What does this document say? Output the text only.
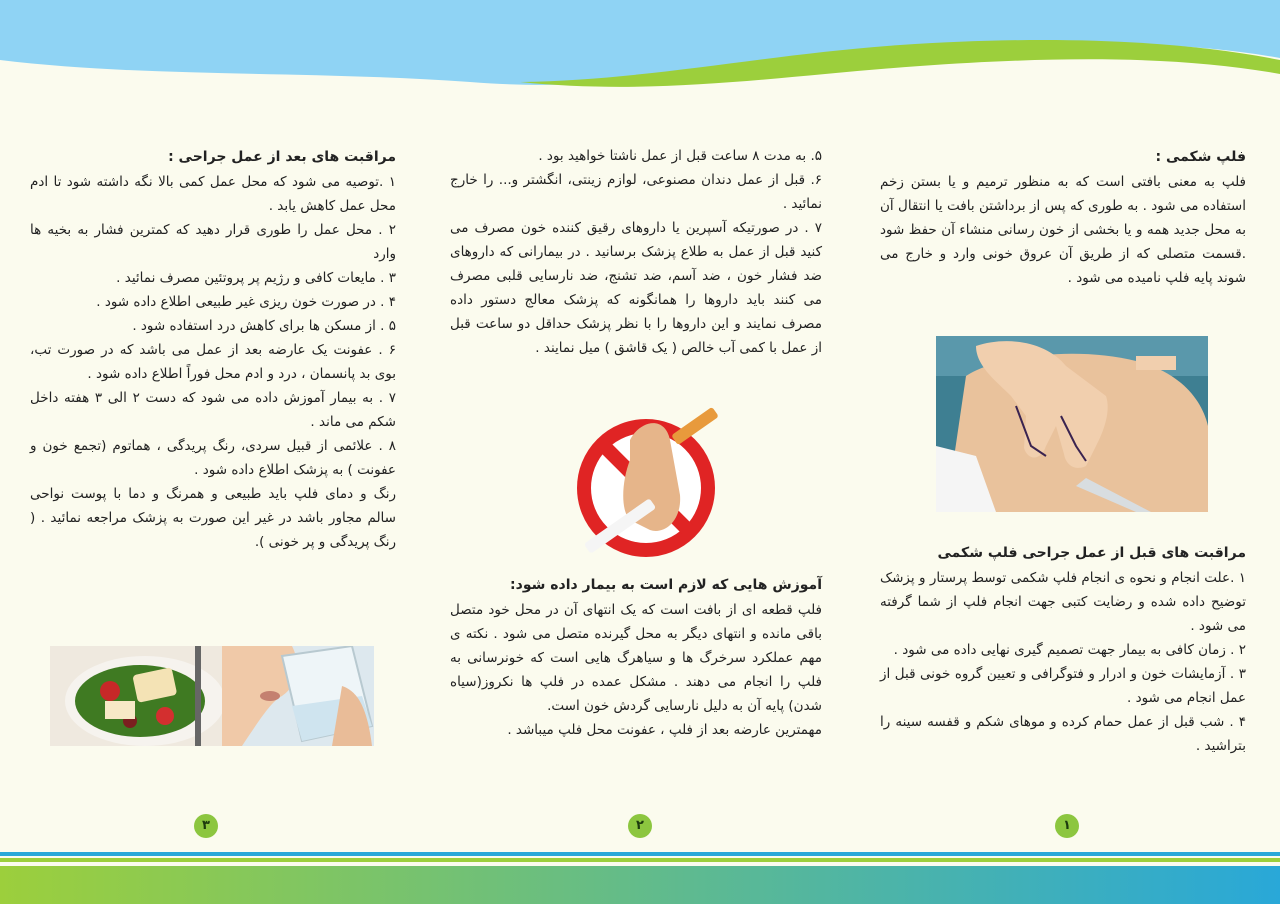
فلپ شکمی :

فلپ به معنی بافتی است که به منظور ترمیم و یا بستن زخم استفاده می شود . به طوری که پس از برداشتن بافت یا انتقال آن به محل جدید همه و یا بخشی از خون رسانی منشاء آن حفظ شود .قسمت متصلی که از طریق آن عروق خونی وارد و خارج می شوند پایه فلپ نامیده می شود .

مراقبت های قبل از عمل جراحی فلپ شکمی

۱ .علت انجام و نحوه ی انجام فلپ شکمی توسط پرستار و پزشک توضیح داده شده و رضایت کتبی جهت انجام فلپ از شما گرفته می شود .

۲ . زمان کافی به بیمار جهت تصمیم گیری نهایی داده می شود .

۳ . آزمایشات خون و ادرار و فتوگرافی و تعیین گروه خونی قبل از عمل انجام می شود .

۴ . شب قبل از عمل حمام کرده و موهای شکم و قفسه سینه را بتراشید .

۵. به مدت ۸ ساعت قبل از عمل ناشتا خواهید بود .

۶. قبل از عمل دندان مصنوعی، لوازم زینتی، انگشتر و... را خارج نمائید .

۷ . در صورتیکه آسپرین یا داروهای رقیق کننده خون مصرف می کنید قبل از عمل به طلاع پزشک برسانید . در بیمارانی که داروهای ضد فشار خون ، ضد آسم، ضد تشنج، ضد نارسایی قلبی مصرف می کنند باید داروها را همانگونه که پزشک معالج دستور داده مصرف نمایند و این داروها را با نظر پزشک حداقل دو ساعت قبل از عمل با کمی آب خالص ( یک قاشق ) میل نمایند .

آموزش هایی که لازم است به بیمار داده شود:

فلپ قطعه ای از بافت است که یک انتهای آن در محل خود متصل باقی مانده و انتهای دیگر به محل گیرنده متصل می شود . نکته ی مهم عملکرد سرخرگ ها و سیاهرگ هایی است که خونرسانی به فلپ را انجام می دهند . مشکل عمده در فلپ ها نکروز(سیاه شدن) پایه آن به دلیل نارسایی گردش خون است.

مهمترین عارضه بعد از فلپ ، عفونت محل فلپ میباشد .

مراقبت های بعد از عمل جراحی :

۱ .توصیه می شود که محل عمل کمی بالا نگه داشته شود تا ادم محل عمل کاهش یابد .

۲ . محل عمل را طوری قرار دهید که کمترین فشار به بخیه ها وارد

۳ . مایعات کافی و رژیم پر پروتئین مصرف نمائید .

۴ . در صورت خون ریزی غیر طبیعی اطلاع داده شود .

۵ . از مسکن ها برای کاهش درد استفاده شود .

۶ . عفونت یک عارضه بعد از عمل می باشد که در صورت تب، بوی بد پانسمان ، درد و ادم محل فوراً اطلاع داده شود .

۷ . به بیمار آموزش داده می شود که دست ۲ الی ۳ هفته داخل شکم می ماند .

۸ . علائمی از قبیل سردی، رنگ پریدگی ، هماتوم (تجمع خون و عفونت ) به پزشک اطلاع داده شود .

رنگ و دمای فلپ باید طبیعی و همرنگ و دما با پوست نواحی سالم مجاور باشد در غیر این صورت به پزشک مراجعه نمائید . ( رنگ پریدگی و پر خونی ).

۱
۲
۳
